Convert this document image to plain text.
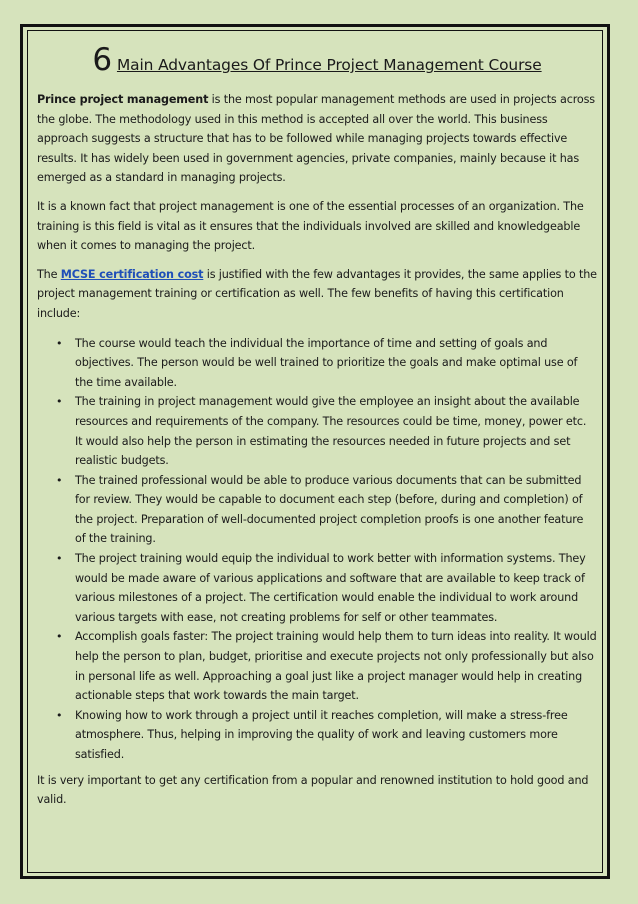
6 Main Advantages Of Prince Project Management Course

Prince project management is the most popular management methods are used in projects across the globe. The methodology used in this method is accepted all over the world. This business approach suggests a structure that has to be followed while managing projects towards effective results. It has widely been used in government agencies, private companies, mainly because it has emerged as a standard in managing projects.

It is a known fact that project management is one of the essential processes of an organization. The training is this field is vital as it ensures that the individuals involved are skilled and knowledgeable when it comes to managing the project.

The MCSE certification cost is justified with the few advantages it provides, the same applies to the project management training or certification as well. The few benefits of having this certification include:

• The course would teach the individual the importance of time and setting of goals and objectives. The person would be well trained to prioritize the goals and make optimal use of the time available.
• The training in project management would give the employee an insight about the available resources and requirements of the company. The resources could be time, money, power etc. It would also help the person in estimating the resources needed in future projects and set realistic budgets.
• The trained professional would be able to produce various documents that can be submitted for review. They would be capable to document each step (before, during and completion) of the project. Preparation of well-documented project completion proofs is one another feature of the training.
• The project training would equip the individual to work better with information systems. They would be made aware of various applications and software that are available to keep track of various milestones of a project. The certification would enable the individual to work around various targets with ease, not creating problems for self or other teammates.
• Accomplish goals faster: The project training would help them to turn ideas into reality. It would help the person to plan, budget, prioritise and execute projects not only professionally but also in personal life as well. Approaching a goal just like a project manager would help in creating actionable steps that work towards the main target.
• Knowing how to work through a project until it reaches completion, will make a stress-free atmosphere. Thus, helping in improving the quality of work and leaving customers more satisfied.

It is very important to get any certification from a popular and renowned institution to hold good and valid.
